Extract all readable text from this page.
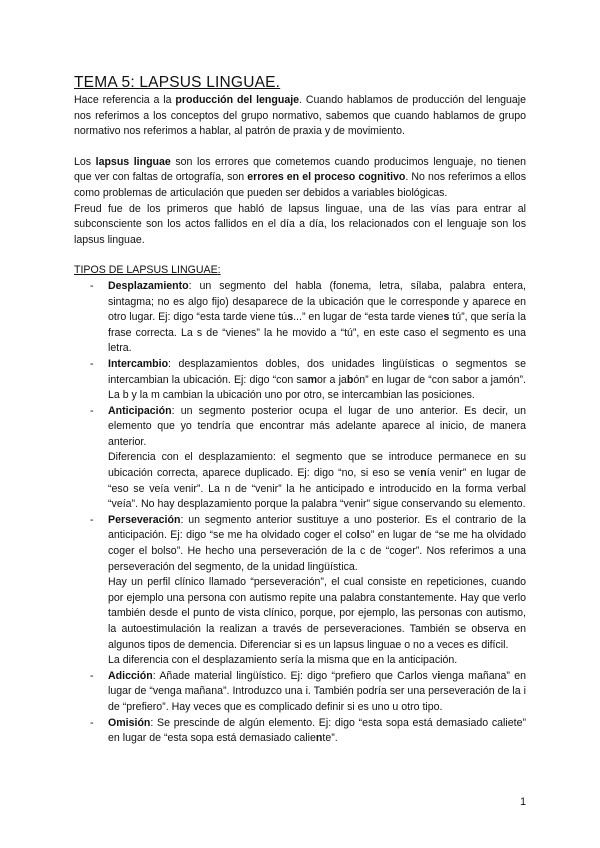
TEMA 5: LAPSUS LINGUAE.

Hace referencia a la producción del lenguaje. Cuando hablamos de producción del lenguaje nos referimos a los conceptos del grupo normativo, sabemos que cuando hablamos de grupo normativo nos referimos a hablar, al patrón de praxia y de movimiento.

Los lapsus linguae son los errores que cometemos cuando producimos lenguaje, no tienen que ver con faltas de ortografía, son errores en el proceso cognitivo. No nos referimos a ellos como problemas de articulación que pueden ser debidos a variables biológicas.

Freud fue de los primeros que habló de lapsus linguae, una de las vías para entrar al subconsciente son los actos fallidos en el día a día, los relacionados con el lenguaje son los lapsus linguae.

TIPOS DE LAPSUS LINGUAE:

- Desplazamiento: un segmento del habla (fonema, letra, sílaba, palabra entera, sintagma; no es algo fijo) desaparece de la ubicación que le corresponde y aparece en otro lugar. Ej: digo “esta tarde viene tús...” en lugar de “esta tarde vienes tú”, que sería la frase correcta. La s de “vienes” la he movido a “tú”, en este caso el segmento es una letra.

- Intercambio: desplazamientos dobles, dos unidades lingüísticas o segmentos se intercambian la ubicación. Ej: digo “con samor a jabón” en lugar de “con sabor a jamón”. La b y la m cambian la ubicación uno por otro, se intercambian las posiciones.

- Anticipación: un segmento posterior ocupa el lugar de uno anterior. Es decir, un elemento que yo tendría que encontrar más adelante aparece al inicio, de manera anterior.

Diferencia con el desplazamiento: el segmento que se introduce permanece en su ubicación correcta, aparece duplicado. Ej: digo “no, si eso se venía venir” en lugar de “eso se veía venir”. La n de “venir” la he anticipado e introducido en la forma verbal “veía”. No hay desplazamiento porque la palabra “venir” sigue conservando su elemento.

- Perseveración: un segmento anterior sustituye a uno posterior. Es el contrario de la anticipación. Ej: digo “se me ha olvidado coger el colso” en lugar de “se me ha olvidado coger el bolso”. He hecho una perseveración de la c de “coger”. Nos referimos a una perseveración del segmento, de la unidad lingüística.

Hay un perfil clínico llamado “perseveración”, el cual consiste en repeticiones, cuando por ejemplo una persona con autismo repite una palabra constantemente. Hay que verlo también desde el punto de vista clínico, porque, por ejemplo, las personas con autismo, la autoestimulación la realizan a través de perseveraciones. También se observa en algunos tipos de demencia. Diferenciar si es un lapsus linguae o no a veces es difícil.

La diferencia con el desplazamiento sería la misma que en la anticipación.

- Adicción: Añade material lingüístico. Ej: digo “prefiero que Carlos vienga mañana” en lugar de “venga mañana”. Introduzco una i. También podría ser una perseveración de la i de “prefiero”. Hay veces que es complicado definir si es uno u otro tipo.

- Omisión: Se prescinde de algún elemento. Ej: digo “esta sopa está demasiado caliete” en lugar de “esta sopa está demasiado caliente”.

1
